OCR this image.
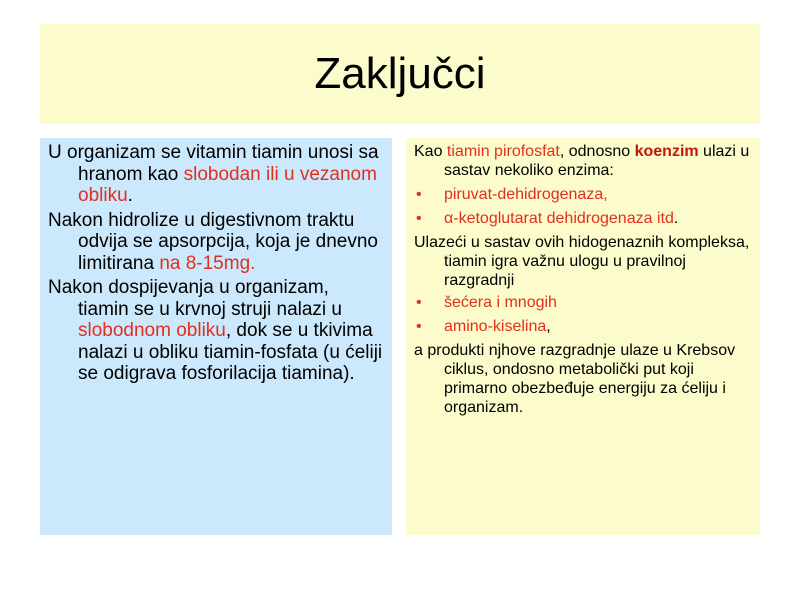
Zaključci

U organizam se vitamin tiamin unosi sa hranom kao slobodan ili u vezanom obliku.

Nakon hidrolize u digestivnom traktu odvija se apsorpcija, koja je dnevno limitirana na 8-15mg.

Nakon dospijevanja u organizam, tiamin se u krvnoj struji nalazi u slobodnom obliku, dok se u tkivima nalazi u obliku tiamin-fosfata (u ćeliji se odigrava fosforilacija tiamina).

Kao tiamin pirofosfat, odnosno koenzim ulazi u sastav nekoliko enzima:

• piruvat-dehidrogenaza,
• α-ketoglutarat dehidrogenaza itd.

Ulazeći u sastav ovih hidogenaznih kompleksa, tiamin igra važnu ulogu u pravilnoj razgradnji

• šećera i mnogih
• amino-kiselina,

a produkti njhove razgradnje ulaze u Krebsov ciklus, ondosno metabolički put koji primarno obezbeđuje energiju za ćeliju i organizam.
